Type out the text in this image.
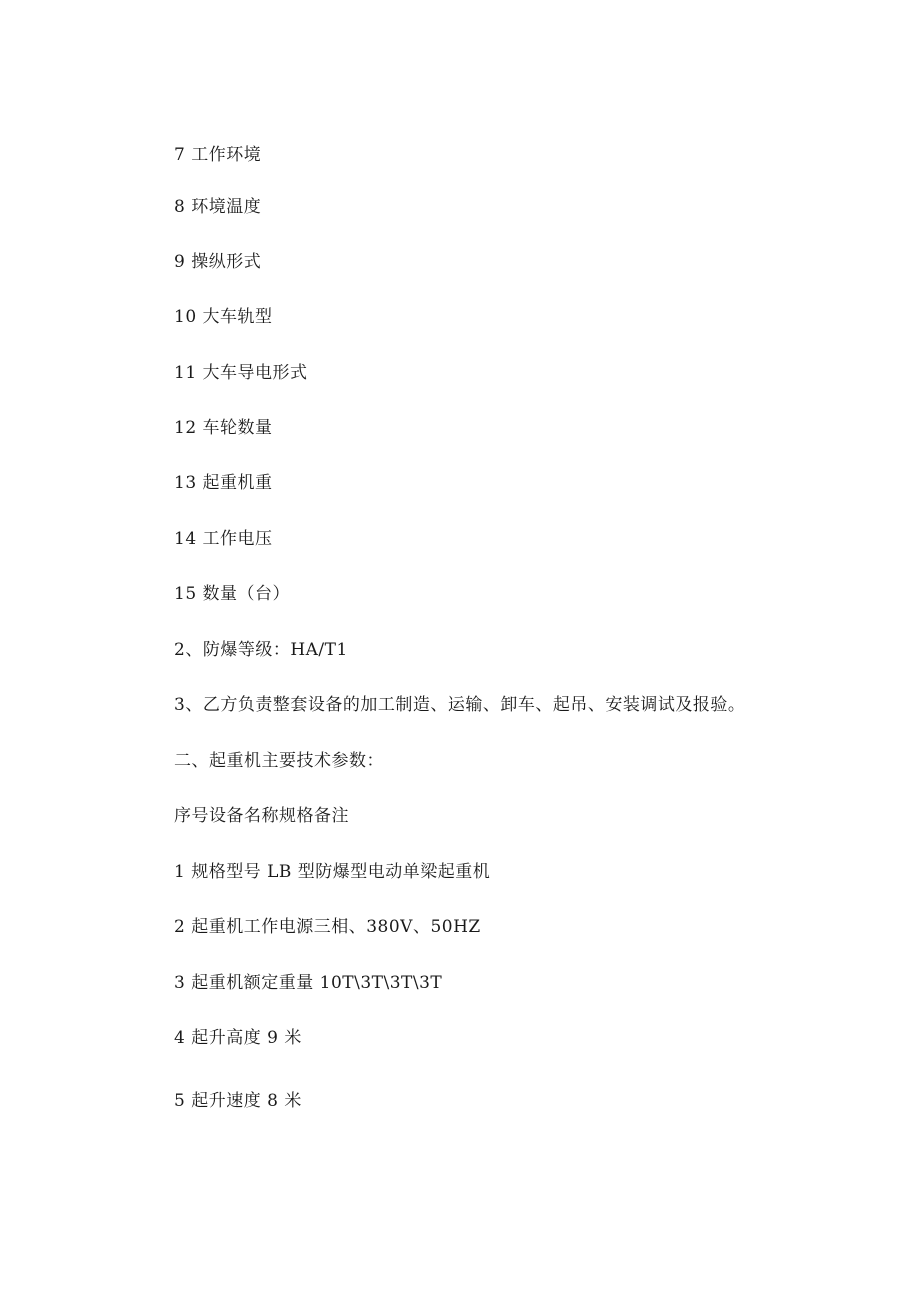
7 工作环境
8 环境温度
9 操纵形式
10 大车轨型
11 大车导电形式
12 车轮数量
13 起重机重
14 工作电压
15 数量（台）
2、防爆等级：HA/T1
3、乙方负责整套设备的加工制造、运输、卸车、起吊、安装调试及报验。
二、起重机主要技术参数：
序号设备名称规格备注
1 规格型号 LB 型防爆型电动单梁起重机
2 起重机工作电源三相、380V、50HZ
3 起重机额定重量 10T\3T\3T\3T
4 起升高度 9 米
5 起升速度 8 米
